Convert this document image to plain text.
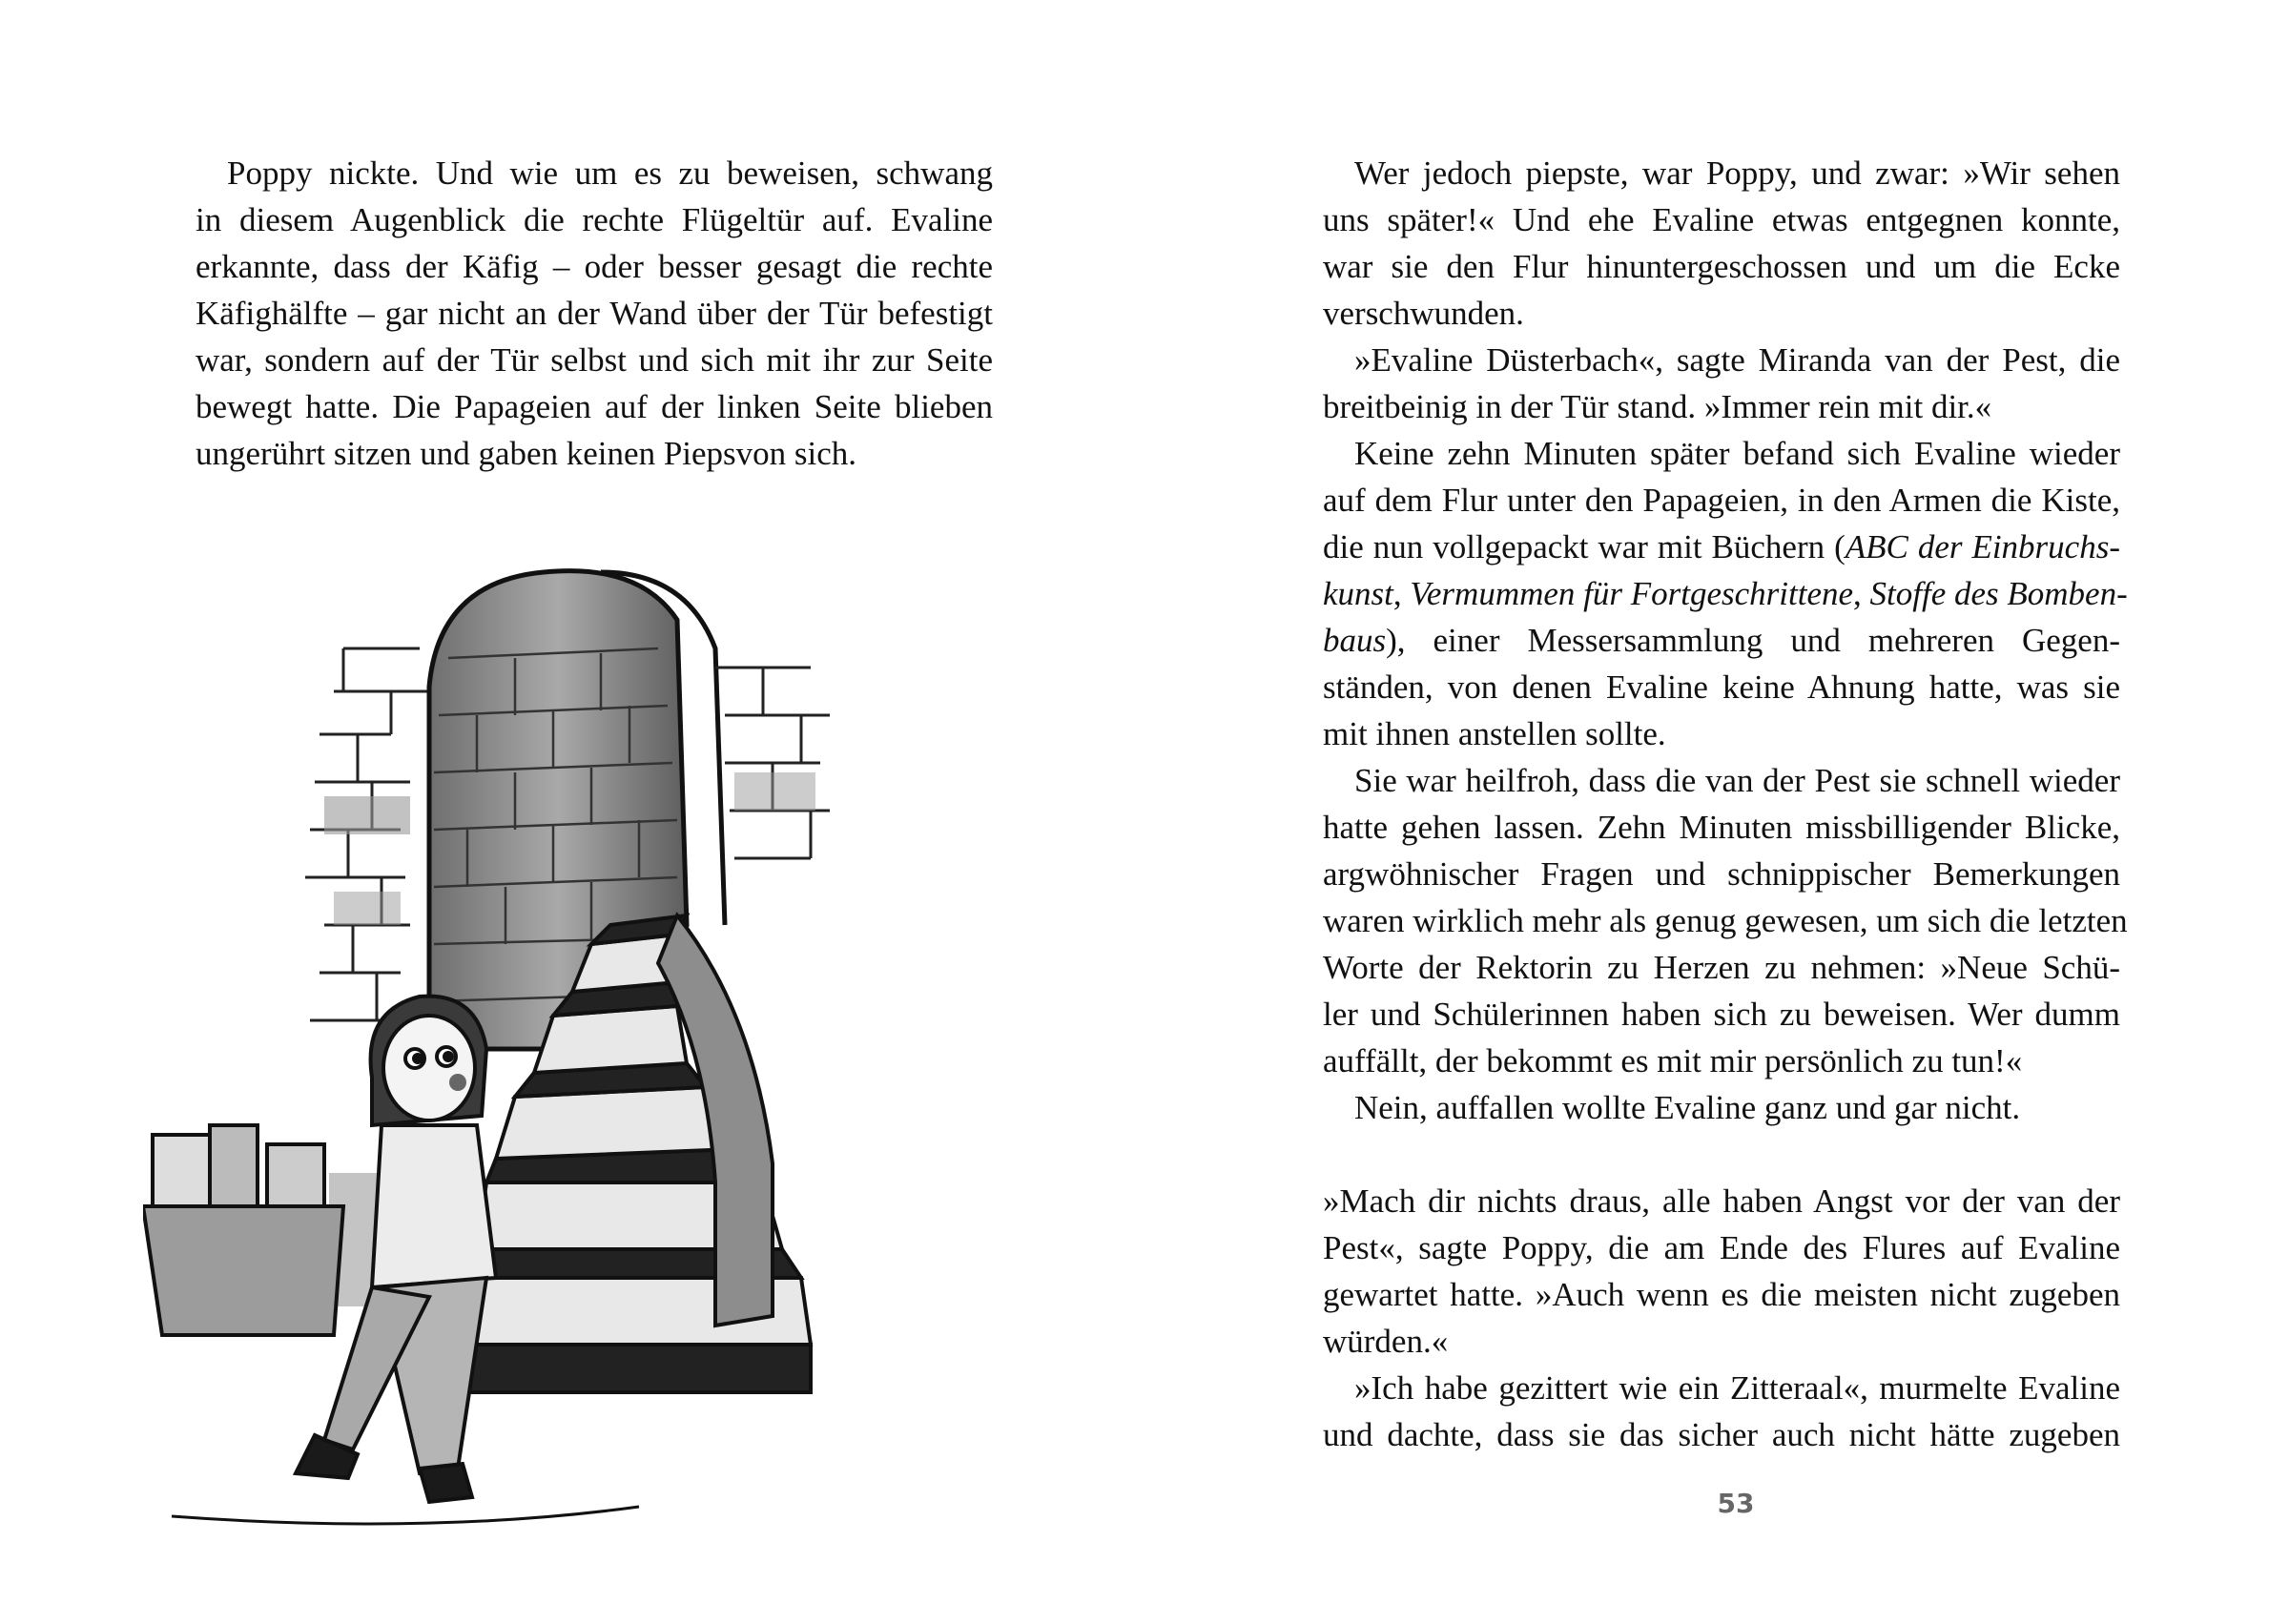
Poppy nickte. Und wie um es zu beweisen, schwang
in diesem Augenblick die rechte Flügeltür auf. Evaline
erkannte, dass der Käfig – oder besser gesagt die rechte
Käfighälfte – gar nicht an der Wand über der Tür befestigt
war, sondern auf der Tür selbst und sich mit ihr zur Seite
bewegt hatte. Die Papageien auf der linken Seite blieben
ungerührt sitzen und gaben keinen Piepsvon sich.
Wer jedoch piepste, war Poppy, und zwar: »Wir sehen
uns später!« Und ehe Evaline etwas entgegnen konnte,
war sie den Flur hinuntergeschossen und um die Ecke
verschwunden.
»Evaline Düsterbach«, sagte Miranda van der Pest, die
breitbeinig in der Tür stand. »Immer rein mit dir.«
Keine zehn Minuten später befand sich Evaline wieder
auf dem Flur unter den Papageien, in den Armen die Kiste,
die nun vollgepackt war mit Büchern (ABC der Einbruchs-
kunst, Vermummen für Fortgeschrittene, Stoffe des Bomben-
baus), einer Messersammlung und mehreren Gegen-
ständen, von denen Evaline keine Ahnung hatte, was sie
mit ihnen anstellen sollte.
Sie war heilfroh, dass die van der Pest sie schnell wieder
hatte gehen lassen. Zehn Minuten missbilligender Blicke,
argwöhnischer Fragen und schnippischer Bemerkungen
waren wirklich mehr als genug gewesen, um sich die letzten
Worte der Rektorin zu Herzen zu nehmen: »Neue Schü-
ler und Schülerinnen haben sich zu beweisen. Wer dumm
auffällt, der bekommt es mit mir persönlich zu tun!«
Nein, auffallen wollte Evaline ganz und gar nicht.
»Mach dir nichts draus, alle haben Angst vor der van der
Pest«, sagte Poppy, die am Ende des Flures auf Evaline
gewartet hatte. »Auch wenn es die meisten nicht zugeben
würden.«
»Ich habe gezittert wie ein Zitteraal«, murmelte Evaline
und dachte, dass sie das sicher auch nicht hätte zugeben
53
